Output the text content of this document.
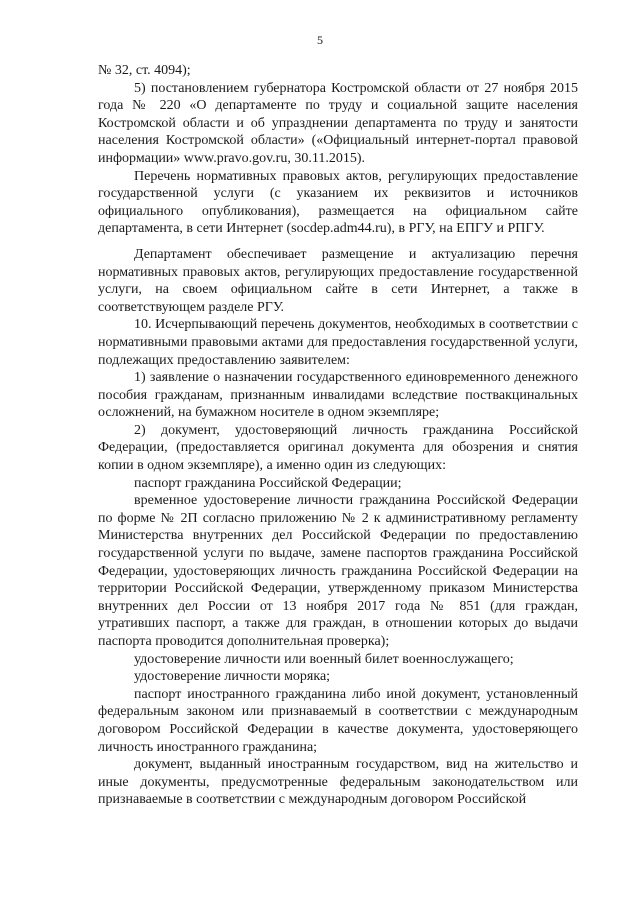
5

№ 32, ст. 4094);

5) постановлением губернатора Костромской области от 27 ноября 2015 года № 220 «О департаменте по труду и социальной защите населения Костромской области и об упразднении департамента по труду и занятости населения Костромской области» («Официальный интернет-портал правовой информации» www.pravo.gov.ru, 30.11.2015).

Перечень нормативных правовых актов, регулирующих предоставление государственной услуги (с указанием их реквизитов и источников официального опубликования), размещается на официальном сайте департамента, в сети Интернет (socdep.adm44.ru), в РГУ, на ЕПГУ и РПГУ.

Департамент обеспечивает размещение и актуализацию перечня нормативных правовых актов, регулирующих предоставление государственной услуги, на своем официальном сайте в сети Интернет, а также в соответствующем разделе РГУ.

10. Исчерпывающий перечень документов, необходимых в соответствии с нормативными правовыми актами для предоставления государственной услуги, подлежащих предоставлению заявителем:

1) заявление о назначении государственного единовременного денежного пособия гражданам, признанным инвалидами вследствие поствакцинальных осложнений, на бумажном носителе в одном экземпляре;

2) документ, удостоверяющий личность гражданина Российской Федерации, (предоставляется оригинал документа для обозрения и снятия копии в одном экземпляре), а именно один из следующих:

паспорт гражданина Российской Федерации;

временное удостоверение личности гражданина Российской Федерации по форме № 2П согласно приложению № 2 к административному регламенту Министерства внутренних дел Российской Федерации по предоставлению государственной услуги по выдаче, замене паспортов гражданина Российской Федерации, удостоверяющих личность гражданина Российской Федерации на территории Российской Федерации, утвержденному приказом Министерства внутренних дел России от 13 ноября 2017 года № 851 (для граждан, утративших паспорт, а также для граждан, в отношении которых до выдачи паспорта проводится дополнительная проверка);

удостоверение личности или военный билет военнослужащего;

удостоверение личности моряка;

паспорт иностранного гражданина либо иной документ, установленный федеральным законом или признаваемый в соответствии с международным договором Российской Федерации в качестве документа, удостоверяющего личность иностранного гражданина;

документ, выданный иностранным государством, вид на жительство и иные документы, предусмотренные федеральным законодательством или признаваемые в соответствии с международным договором Российской
